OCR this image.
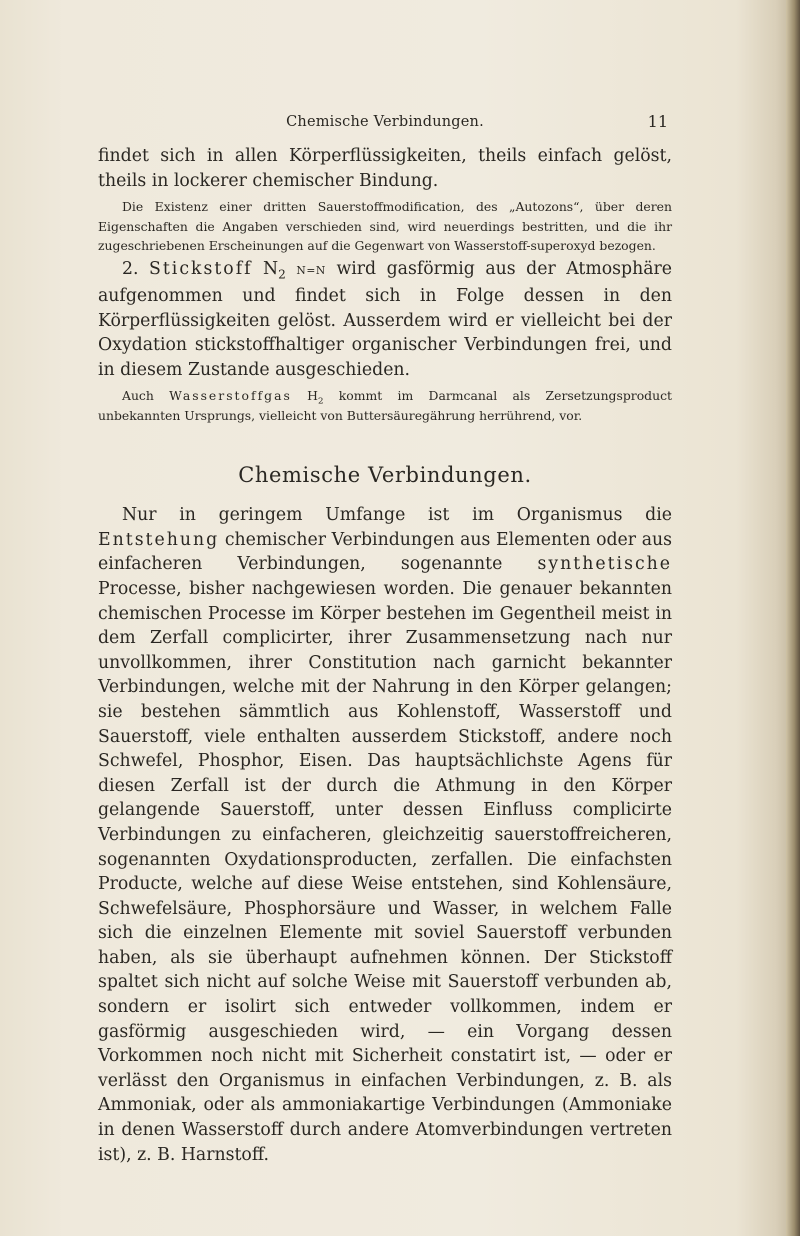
Chemische Verbindungen.	11

findet sich in allen Körperflüssigkeiten, theils einfach gelöst, theils in lockerer chemischer Bindung.

Die Existenz einer dritten Sauerstoffmodification, des „Autozons“, über deren Eigenschaften die Angaben verschieden sind, wird neuerdings bestritten, und die ihr zugeschriebenen Erscheinungen auf die Gegenwart von Wasserstoff-superoxyd bezogen.

2. Stickstoff $N_2$ N=N wird gasförmig aus der Atmosphäre aufgenommen und findet sich in Folge dessen in den Körperflüssigkeiten gelöst. Ausserdem wird er vielleicht bei der Oxydation stickstoffhaltiger organischer Verbindungen frei, und in diesem Zustande ausgeschieden.

Auch Wasserstoffgas $H_2$ kommt im Darmcanal als Zersetzungsproduct unbekannten Ursprungs, vielleicht von Buttersäuregährung herrührend, vor.

Chemische Verbindungen.

Nur in geringem Umfange ist im Organismus die Entstehung chemischer Verbindungen aus Elementen oder aus einfacheren Verbindungen, sogenannte synthetische Processe, bisher nachgewiesen worden. Die genauer bekannten chemischen Processe im Körper bestehen im Gegentheil meist in dem Zerfall complicirter, ihrer Zusammensetzung nach nur unvollkommen, ihrer Constitution nach garnicht bekannter Verbindungen, welche mit der Nahrung in den Körper gelangen; sie bestehen sämmtlich aus Kohlenstoff, Wasserstoff und Sauerstoff, viele enthalten ausserdem Stickstoff, andere noch Schwefel, Phosphor, Eisen. Das hauptsächlichste Agens für diesen Zerfall ist der durch die Athmung in den Körper gelangende Sauerstoff, unter dessen Einfluss complicirte Verbindungen zu einfacheren, gleichzeitig sauerstoffreicheren, sogenannten Oxydationsproducten, zerfallen. Die einfachsten Producte, welche auf diese Weise entstehen, sind Kohlensäure, Schwefelsäure, Phosphorsäure und Wasser, in welchem Falle sich die einzelnen Elemente mit soviel Sauerstoff verbunden haben, als sie überhaupt aufnehmen können. Der Stickstoff spaltet sich nicht auf solche Weise mit Sauerstoff verbunden ab, sondern er isolirt sich entweder vollkommen, indem er gasförmig ausgeschieden wird, — ein Vorgang dessen Vorkommen noch nicht mit Sicherheit constatirt ist, — oder er verlässt den Organismus in einfachen Verbindungen, z. B. als Ammoniak, oder als ammoniakartige Verbindungen (Ammoniake in denen Wasserstoff durch andere Atomverbindungen vertreten ist), z. B. Harnstoff.
